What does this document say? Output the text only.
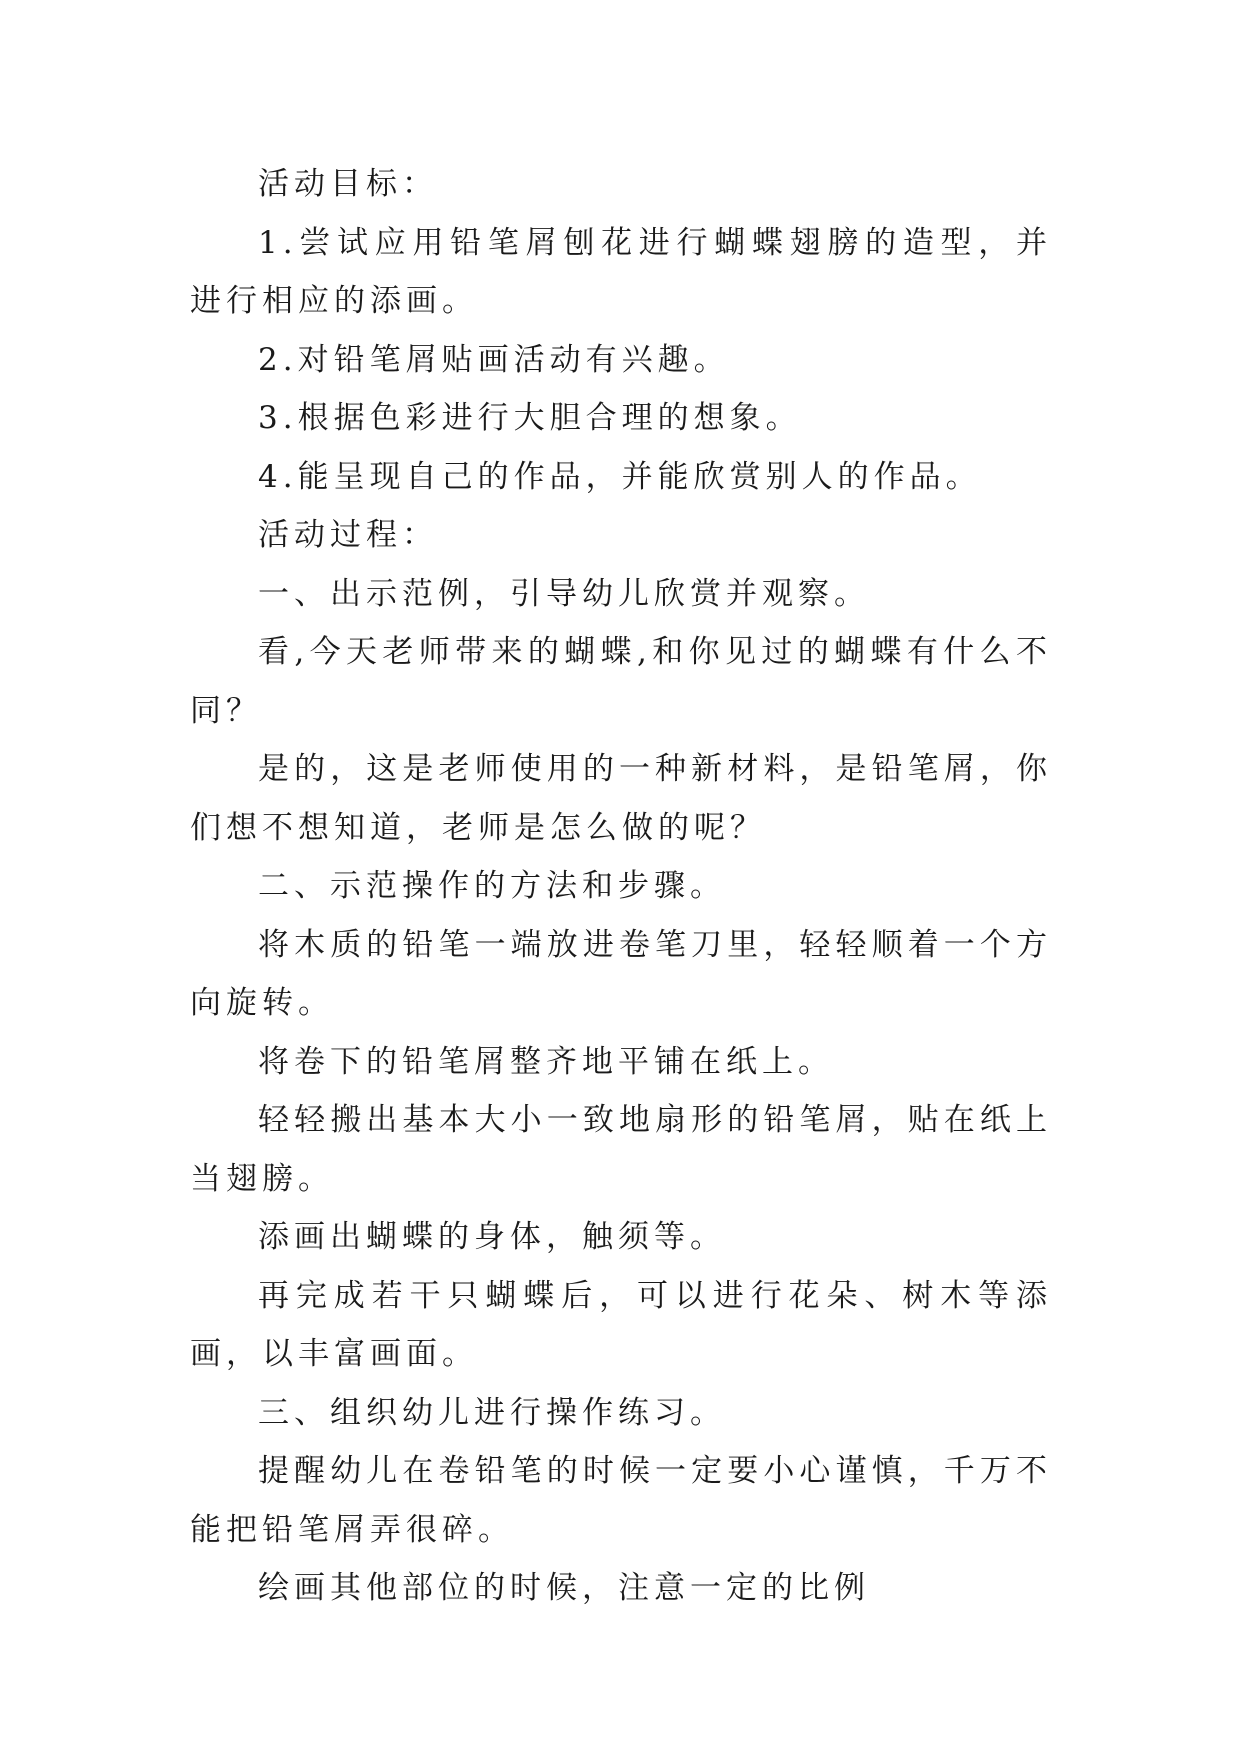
活动目标：

1.尝试应用铅笔屑刨花进行蝴蝶翅膀的造型，并进行相应的添画。

2.对铅笔屑贴画活动有兴趣。

3.根据色彩进行大胆合理的想象。

4.能呈现自己的作品，并能欣赏别人的作品。

活动过程：

一、出示范例，引导幼儿欣赏并观察。

看,今天老师带来的蝴蝶,和你见过的蝴蝶有什么不同？

是的，这是老师使用的一种新材料，是铅笔屑，你们想不想知道，老师是怎么做的呢？

二、示范操作的方法和步骤。

将木质的铅笔一端放进卷笔刀里，轻轻顺着一个方向旋转。

将卷下的铅笔屑整齐地平铺在纸上。

轻轻搬出基本大小一致地扇形的铅笔屑，贴在纸上当翅膀。

添画出蝴蝶的身体，触须等。

再完成若干只蝴蝶后，可以进行花朵、树木等添画，以丰富画面。

三、组织幼儿进行操作练习。

提醒幼儿在卷铅笔的时候一定要小心谨慎，千万不能把铅笔屑弄很碎。

绘画其他部位的时候，注意一定的比例
